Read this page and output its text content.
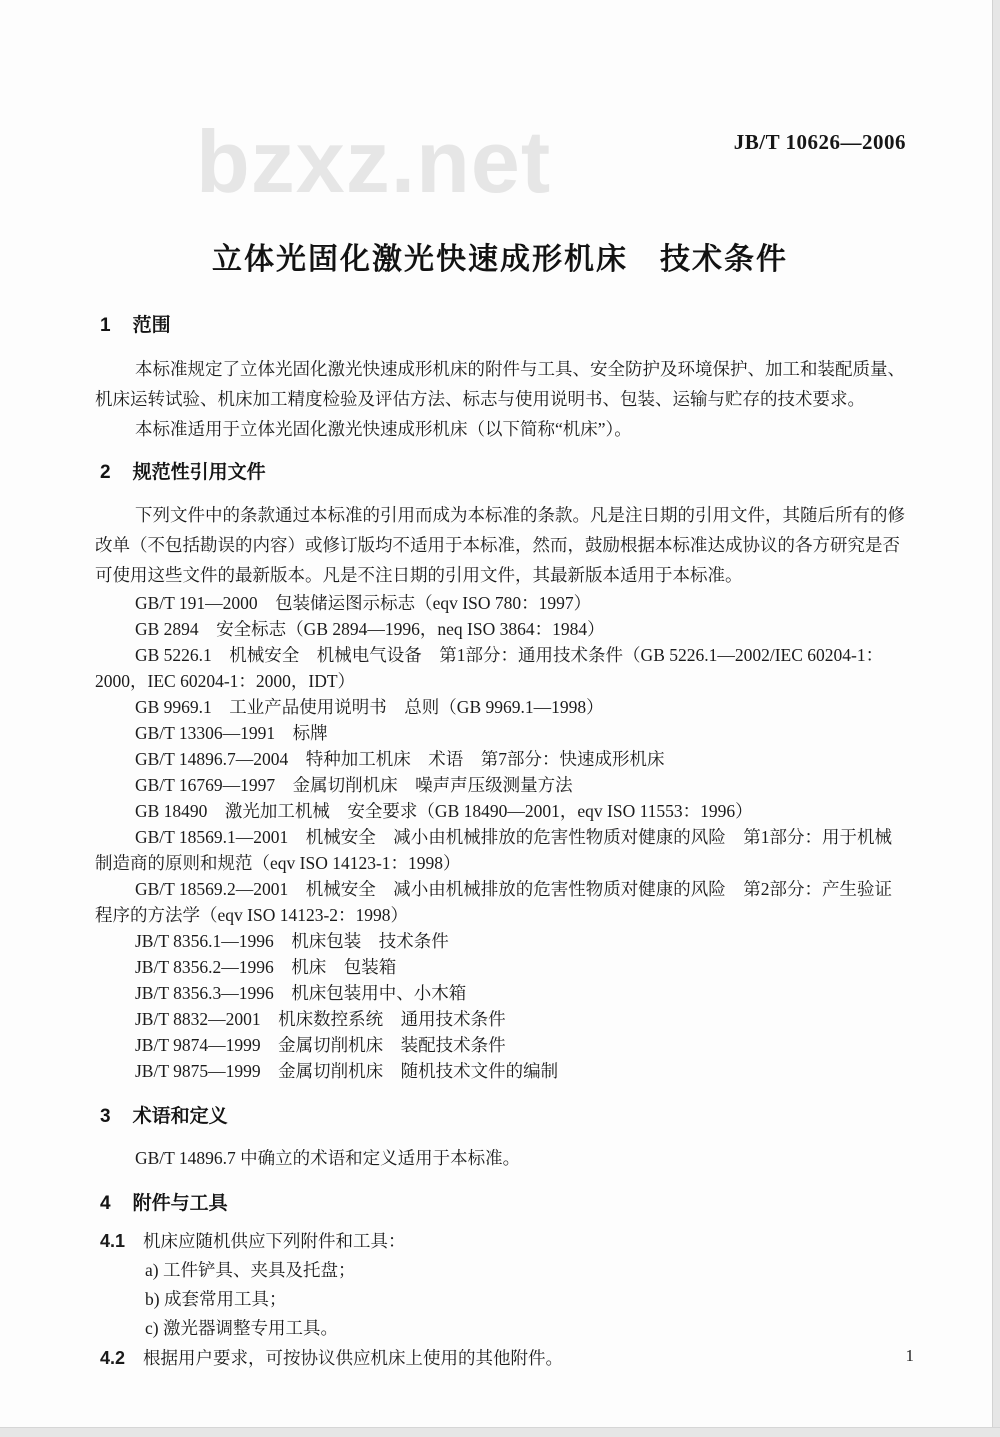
bzxz.net	JB/T 10626—2006
立体光固化激光快速成形机床　技术条件

1 范围

本标准规定了立体光固化激光快速成形机床的附件与工具、安全防护及环境保护、加工和装配质量、机床运转试验、机床加工精度检验及评估方法、标志与使用说明书、包装、运输与贮存的技术要求。

本标准适用于立体光固化激光快速成形机床（以下简称“机床”）。

2 规范性引用文件

下列文件中的条款通过本标准的引用而成为本标准的条款。凡是注日期的引用文件，其随后所有的修改单（不包括勘误的内容）或修订版均不适用于本标准，然而，鼓励根据本标准达成协议的各方研究是否可使用这些文件的最新版本。凡是不注日期的引用文件，其最新版本适用于本标准。

GB/T 191—2000　包装储运图示标志（eqv ISO 780：1997）
GB 2894　安全标志（GB 2894—1996，neq ISO 3864：1984）
GB 5226.1　机械安全　机械电气设备　第1部分：通用技术条件（GB 5226.1—2002/IEC 60204-1：2000，IEC 60204-1：2000，IDT）
GB 9969.1　工业产品使用说明书　总则（GB 9969.1—1998）
GB/T 13306—1991　标牌
GB/T 14896.7—2004　特种加工机床　术语　第7部分：快速成形机床
GB/T 16769—1997　金属切削机床　噪声声压级测量方法
GB 18490　激光加工机械　安全要求（GB 18490—2001，eqv ISO 11553：1996）
GB/T 18569.1—2001　机械安全　减小由机械排放的危害性物质对健康的风险　第1部分：用于机械制造商的原则和规范（eqv ISO 14123-1：1998）
GB/T 18569.2—2001　机械安全　减小由机械排放的危害性物质对健康的风险　第2部分：产生验证程序的方法学（eqv ISO 14123-2：1998）
JB/T 8356.1—1996　机床包装　技术条件
JB/T 8356.2—1996　机床　包装箱
JB/T 8356.3—1996　机床包装用中、小木箱
JB/T 8832—2001　机床数控系统　通用技术条件
JB/T 9874—1999　金属切削机床　装配技术条件
JB/T 9875—1999　金属切削机床　随机技术文件的编制

3 术语和定义

GB/T 14896.7 中确立的术语和定义适用于本标准。

4 附件与工具

4.1 机床应随机供应下列附件和工具：

a) 工件铲具、夹具及托盘；

b) 成套常用工具；

c) 激光器调整专用工具。

4.2 根据用户要求，可按协议供应机床上使用的其他附件。	1
